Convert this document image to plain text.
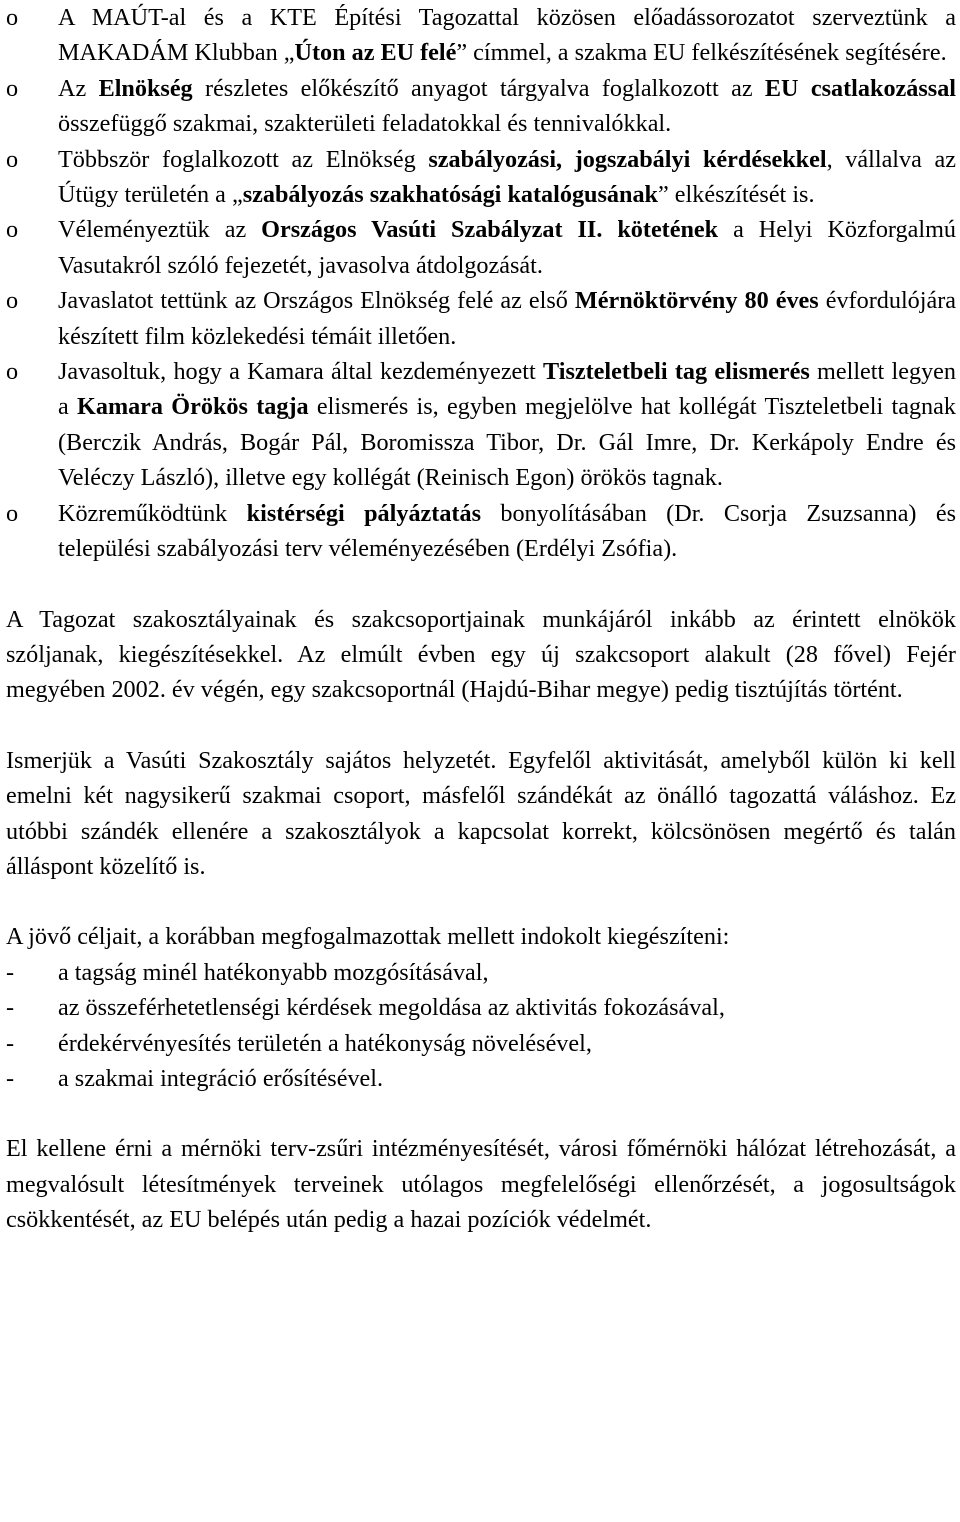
o A MAÚT-al és a KTE Építési Tagozattal közösen előadássorozatot szerveztünk a MAKADÁM Klubban „Úton az EU felé” címmel, a szakma EU felkészítésének segítésére.
o Az Elnökség részletes előkészítő anyagot tárgyalva foglalkozott az EU csatlakozással összefüggő szakmai, szakterületi feladatokkal és tennivalókkal.
o Többször foglalkozott az Elnökség szabályozási, jogszabályi kérdésekkel, vállalva az Útügy területén a „szabályozás szakhatósági katalógusának” elkészítését is.
o Véleményeztük az Országos Vasúti Szabályzat II. kötetének a Helyi Közforgalmú Vasutakról szóló fejezetét, javasolva átdolgozását.
o Javaslatot tettünk az Országos Elnökség felé az első Mérnöktörvény 80 éves évfordulójára készített film közlekedési témáit illetően.
o Javasoltuk, hogy a Kamara által kezdeményezett Tiszteletbeli tag elismerés mellett legyen a Kamara Örökös tagja elismerés is, egyben megjelölve hat kollégát Tiszteletbeli tagnak (Berczik András, Bogár Pál, Boromissza Tibor, Dr. Gál Imre, Dr. Kerkápoly Endre és Veléczy László), illetve egy kollégát (Reinisch Egon) örökös tagnak.
o Közreműködtünk kistérségi pályáztatás bonyolításában (Dr. Csorja Zsuzsanna) és települési szabályozási terv véleményezésében (Erdélyi Zsófia).

A Tagozat szakosztályainak és szakcsoportjainak munkájáról inkább az érintett elnökök szóljanak, kiegészítésekkel. Az elmúlt évben egy új szakcsoport alakult (28 fővel) Fejér megyében 2002. év végén, egy szakcsoportnál (Hajdú-Bihar megye) pedig tisztújítás történt.

Ismerjük a Vasúti Szakosztály sajátos helyzetét. Egyfelől aktivitását, amelyből külön ki kell emelni két nagysikerű szakmai csoport, másfelől szándékát az önálló tagozattá váláshoz. Ez utóbbi szándék ellenére a szakosztályok a kapcsolat korrekt, kölcsönösen megértő és talán álláspont közelítő is.

A jövő céljait, a korábban megfogalmazottak mellett indokolt kiegészíteni:

- a tagság minél hatékonyabb mozgósításával,
- az összeférhetetlenségi kérdések megoldása az aktivitás fokozásával,
- érdekérvényesítés területén a hatékonyság növelésével,
- a szakmai integráció erősítésével.

El kellene érni a mérnöki terv-zsűri intézményesítését, városi főmérnöki hálózat létrehozását, a megvalósult létesítmények terveinek utólagos megfelelőségi ellenőrzését, a jogosultságok csökkentését, az EU belépés után pedig a hazai pozíciók védelmét.
